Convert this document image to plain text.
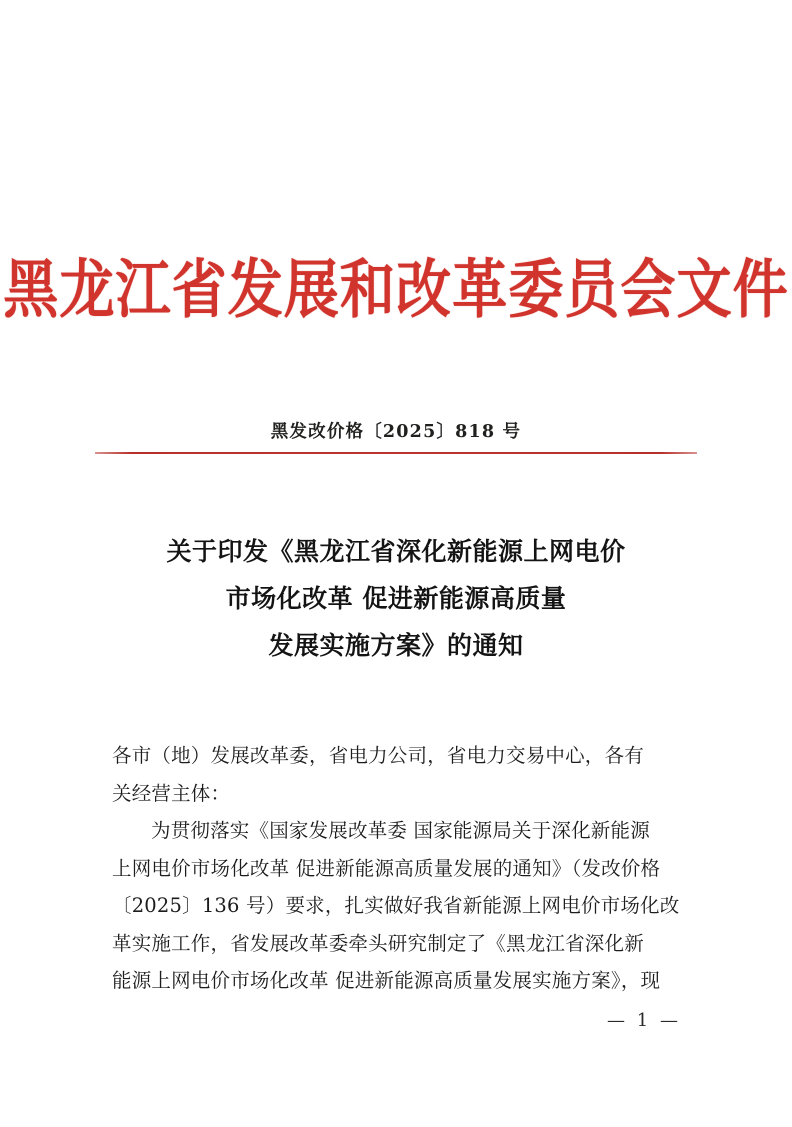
黑龙江省发展和改革委员会文件
黑发改价格〔2025〕818 号
关于印发《黑龙江省深化新能源上网电价
市场化改革 促进新能源高质量
发展实施方案》的通知

各市（地）发展改革委，省电力公司，省电力交易中心，各有
关经营主体：

为贯彻落实《国家发展改革委 国家能源局关于深化新能源
上网电价市场化改革 促进新能源高质量发展的通知》（发改价格
〔2025〕136 号）要求，扎实做好我省新能源上网电价市场化改
革实施工作，省发展改革委牵头研究制定了《黑龙江省深化新
能源上网电价市场化改革 促进新能源高质量发展实施方案》，现

— 1 —
